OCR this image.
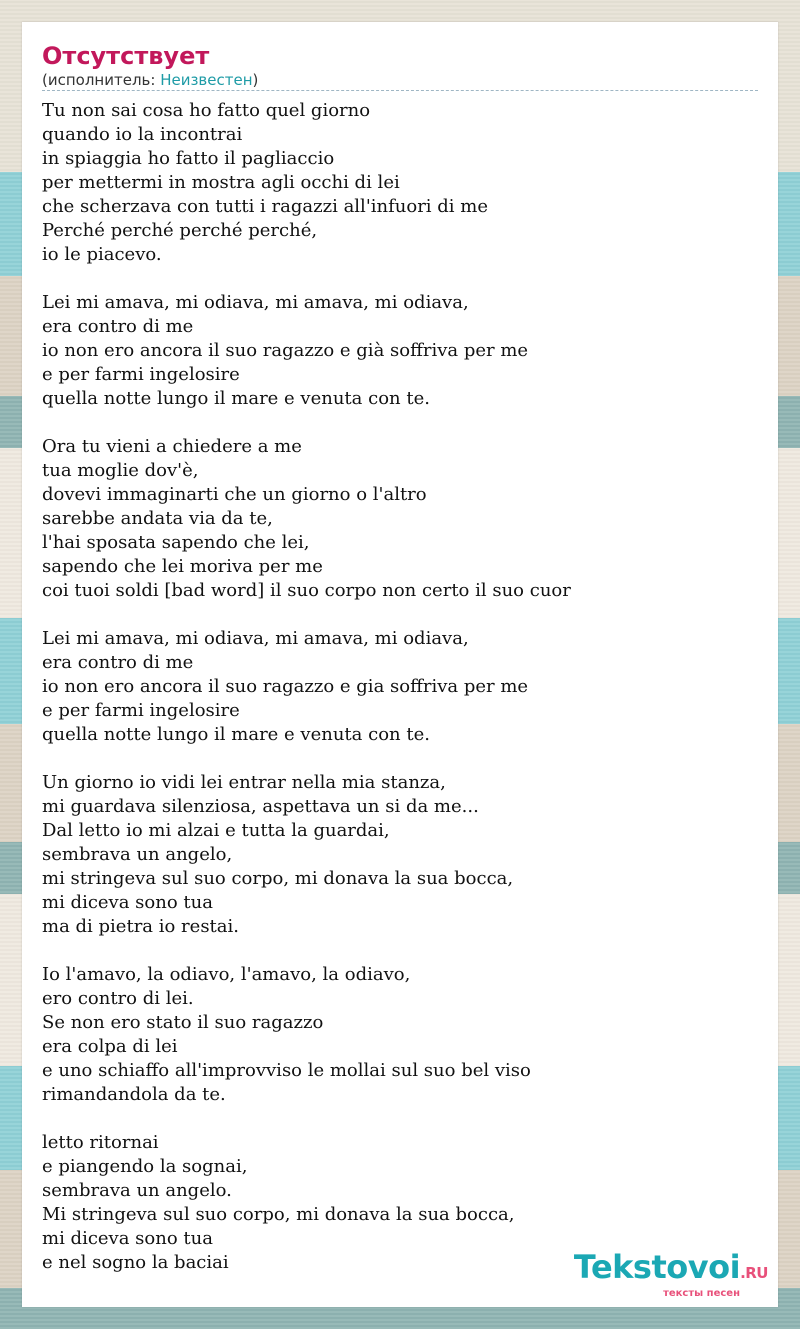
Отсутствует

(исполнитель: Неизвестен)

Tu non sai cosa ho fatto quel giorno
quando io la incontrai
in spiaggia ho fatto il pagliaccio
per mettermi in mostra agli occhi di lei
che scherzava con tutti i ragazzi all'infuori di me
Perché perché perché perché,
io le piacevo.
Lei mi amava, mi odiava, mi amava, mi odiava,
era contro di me
io non ero ancora il suo ragazzo e già soffriva per me
e per farmi ingelosire
quella notte lungo il mare e venuta con te.
Ora tu vieni a chiedere a me
tua moglie dov'è,
dovevi immaginarti che un giorno o l'altro
sarebbe andata via da te,
l'hai sposata sapendo che lei,
sapendo che lei moriva per me
coi tuoi soldi [bad word] il suo corpo non certo il suo cuor
Lei mi amava, mi odiava, mi amava, mi odiava,
era contro di me
io non ero ancora il suo ragazzo e gia soffriva per me
e per farmi ingelosire
quella notte lungo il mare e venuta con te.
Un giorno io vidi lei entrar nella mia stanza,
mi guardava silenziosa, aspettava un si da me...
Dal letto io mi alzai e tutta la guardai,
sembrava un angelo,
mi stringeva sul suo corpo, mi donava la sua bocca,
mi diceva sono tua
ma di pietra io restai.
Io l'amavo, la odiavo, l'amavo, la odiavo,
ero contro di lei.
Se non ero stato il suo ragazzo
era colpa di lei
e uno schiaffo all'improvviso le mollai sul suo bel viso
rimandandola da te.
letto ritornai
e piangendo la sognai,
sembrava un angelo.
Mi stringeva sul suo corpo, mi donava la sua bocca,
mi diceva sono tua
e nel sogno la baciai	Tekstovoi.RU
тексты песен
